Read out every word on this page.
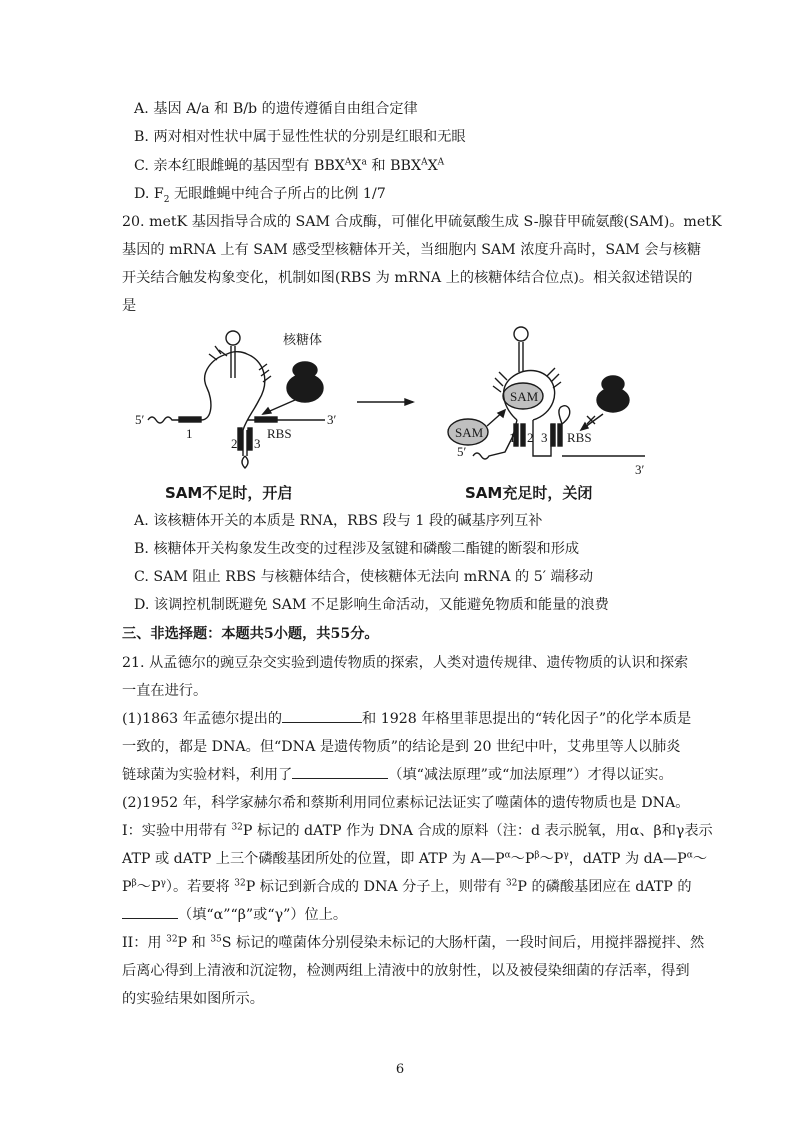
A. 基因 A/a 和 B/b 的遗传遵循自由组合定律
B. 两对相对性状中属于显性性状的分别是红眼和无眼
C. 亲本红眼雌蝇的基因型有 $BBX^AX^a$ 和 $BBX^AX^A$
D. $F_2$ 无眼雌蝇中纯合子所占的比例 1/7
20. metK 基因指导合成的 SAM 合成酶，可催化甲硫氨酸生成 S-腺苷甲硫氨酸(SAM)。metK
基因的 mRNA 上有 SAM 感受型核糖体开关，当细胞内 SAM 浓度升高时，SAM 会与核糖
开关结合触发构象变化，机制如图(RBS 为 mRNA 上的核糖体结合位点)。相关叙述错误的
是
核糖体
5′
1
2 3
RBS
3′
SAM
SAM
5′
1 2 3 RBS
3′
SAM不足时，开启	SAM充足时，关闭
A. 该核糖体开关的本质是 RNA，RBS 段与 1 段的碱基序列互补
B. 核糖体开关构象发生改变的过程涉及氢键和磷酸二酯键的断裂和形成
C. SAM 阻止 RBS 与核糖体结合，使核糖体无法向 mRNA 的 5′ 端移动
D. 该调控机制既避免 SAM 不足影响生命活动，又能避免物质和能量的浪费
三、非选择题：本题共5小题，共55分。
21. 从孟德尔的豌豆杂交实验到遗传物质的探索，人类对遗传规律、遗传物质的认识和探索
一直在进行。
(1)1863 年孟德尔提出的	和 1928 年格里菲思提出的“转化因子”的化学本质是
一致的，都是 DNA。但“DNA 是遗传物质”的结论是到 20 世纪中叶，艾弗里等人以肺炎
链球菌为实验材料，利用了	（填“减法原理”或“加法原理”）才得以证实。
(2)1952 年，科学家赫尔希和蔡斯利用同位素标记法证实了噬菌体的遗传物质也是 DNA。
I：实验中用带有 $^{32}$P 标记的 dATP 作为 DNA 合成的原料（注：d 表示脱氧，用α、β和γ表示
ATP 或 dATP 上三个磷酸基团所处的位置，即 ATP 为 $A—P^\alpha\sim P^\beta\sim P^\gamma$，dATP 为 $dA—P^\alpha\sim$
$P^\beta\sim P^\gamma$）。若要将 $^{32}$P 标记到新合成的 DNA 分子上，则带有 $^{32}$P 的磷酸基团应在 dATP 的
（填“α”“β”或“γ”）位上。
II：用 $^{32}$P 和 $^{35}$S 标记的噬菌体分别侵染未标记的大肠杆菌，一段时间后，用搅拌器搅拌、然
后离心得到上清液和沉淀物，检测两组上清液中的放射性，以及被侵染细菌的存活率，得到
的实验结果如图所示。
6
